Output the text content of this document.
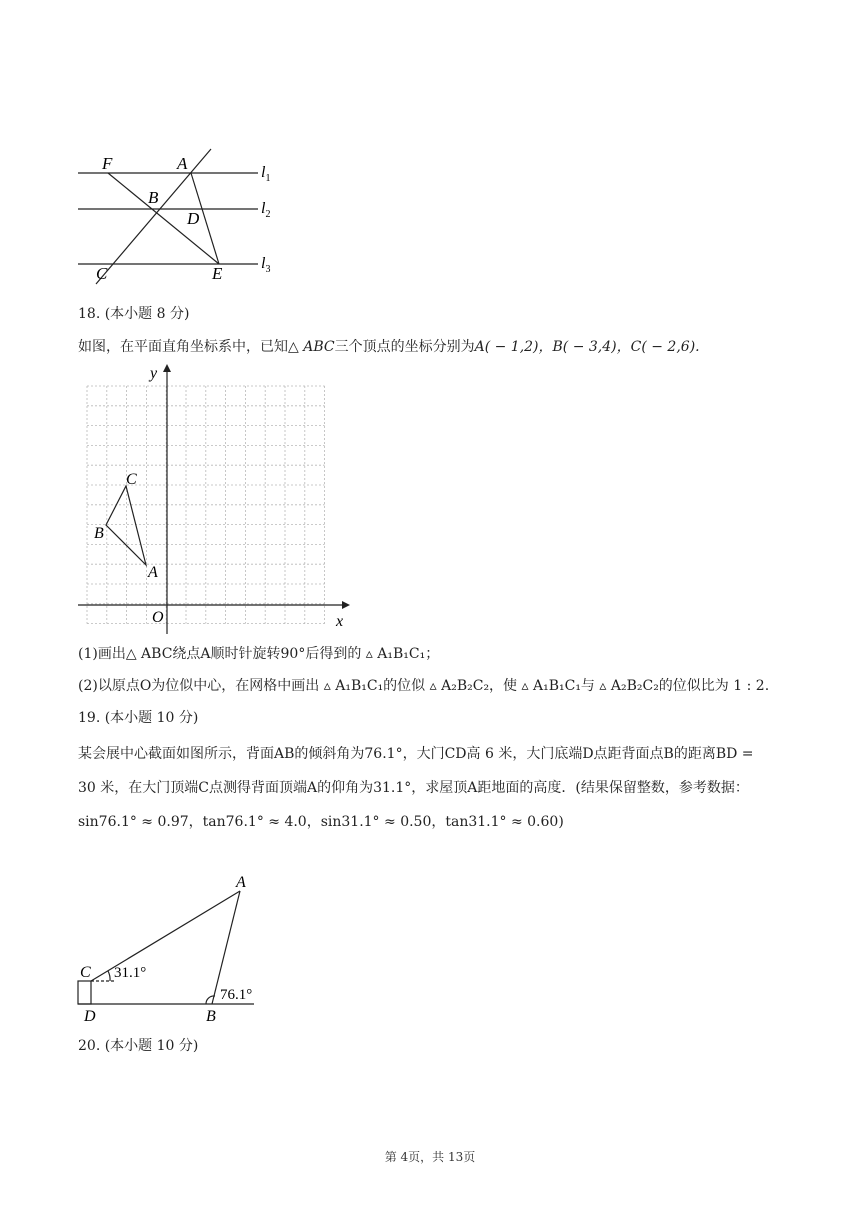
F	A
B
D
C	E
$l_1$
$l_2$
$l_3$
18. (本小题 8 分)
如图，在平面直角坐标系中，已知△ ABC三个顶点的坐标分别为A( − 1,2)，B( − 3,4)，C( − 2,6).
y
x
O
C
B
A
(1)画出△ ABC绕点A顺时针旋转90°后得到的 ▵ A₁B₁C₁；
(2)以原点O为位似中心，在网格中画出 ▵ A₁B₁C₁的位似 ▵ A₂B₂C₂，使 ▵ A₁B₁C₁与 ▵ A₂B₂C₂的位似比为 1 : 2.
19. (本小题 10 分)
某会展中心截面如图所示，背面AB的倾斜角为76.1°，大门CD高 6 米，大门底端D点距背面点B的距离BD =
30 米，在大门顶端C点测得背面顶端A的仰角为31.1°，求屋顶A距地面的高度．(结果保留整数，参考数据：
sin76.1° ≈ 0.97，tan76.1° ≈ 4.0，sin31.1° ≈ 0.50，tan31.1° ≈ 0.60)
A
C
D	B
31.1°
76.1°
20. (本小题 10 分)
第 4页，共 13页
